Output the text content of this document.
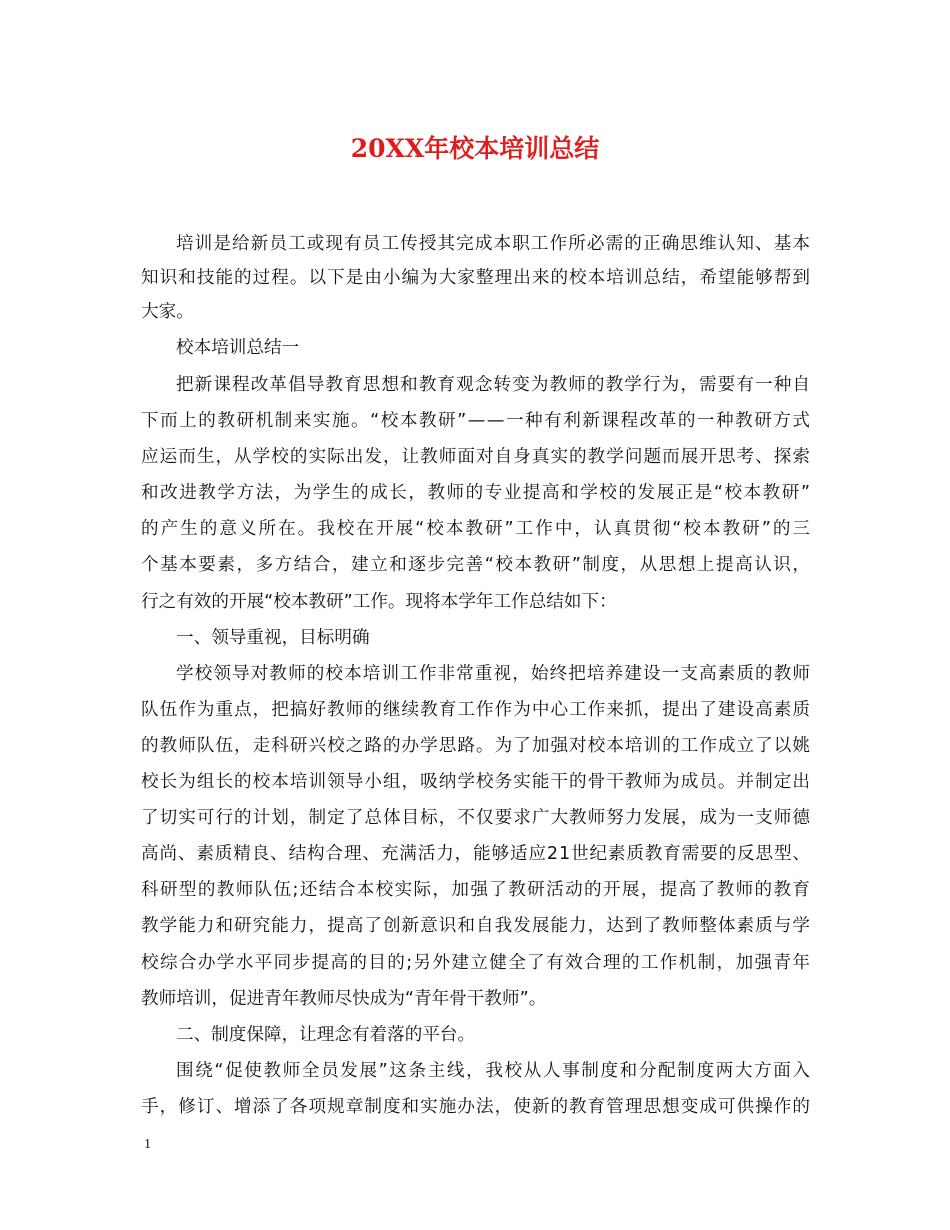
20XX年校本培训总结
培训是给新员工或现有员工传授其完成本职工作所必需的正确思维认知、基本
知识和技能的过程。以下是由小编为大家整理出来的校本培训总结，希望能够帮到
大家。
校本培训总结一
把新课程改革倡导教育思想和教育观念转变为教师的教学行为，需要有一种自
下而上的教研机制来实施。“校本教研”——一种有利新课程改革的一种教研方式
应运而生，从学校的实际出发，让教师面对自身真实的教学问题而展开思考、探索
和改进教学方法，为学生的成长，教师的专业提高和学校的发展正是“校本教研”
的产生的意义所在。我校在开展“校本教研”工作中，认真贯彻“校本教研”的三
个基本要素，多方结合，建立和逐步完善“校本教研”制度，从思想上提高认识，
行之有效的开展“校本教研”工作。现将本学年工作总结如下：
一、领导重视，目标明确
学校领导对教师的校本培训工作非常重视，始终把培养建设一支高素质的教师
队伍作为重点，把搞好教师的继续教育工作作为中心工作来抓，提出了建设高素质
的教师队伍，走科研兴校之路的办学思路。为了加强对校本培训的工作成立了以姚
校长为组长的校本培训领导小组，吸纳学校务实能干的骨干教师为成员。并制定出
了切实可行的计划，制定了总体目标，不仅要求广大教师努力发展，成为一支师德
高尚、素质精良、结构合理、充满活力，能够适应21世纪素质教育需要的反思型、
科研型的教师队伍;还结合本校实际，加强了教研活动的开展，提高了教师的教育
教学能力和研究能力，提高了创新意识和自我发展能力，达到了教师整体素质与学
校综合办学水平同步提高的目的;另外建立健全了有效合理的工作机制，加强青年
教师培训，促进青年教师尽快成为“青年骨干教师”。
二、制度保障，让理念有着落的平台。
围绕“促使教师全员发展”这条主线，我校从人事制度和分配制度两大方面入
手，修订、增添了各项规章制度和实施办法，使新的教育管理思想变成可供操作的
1
